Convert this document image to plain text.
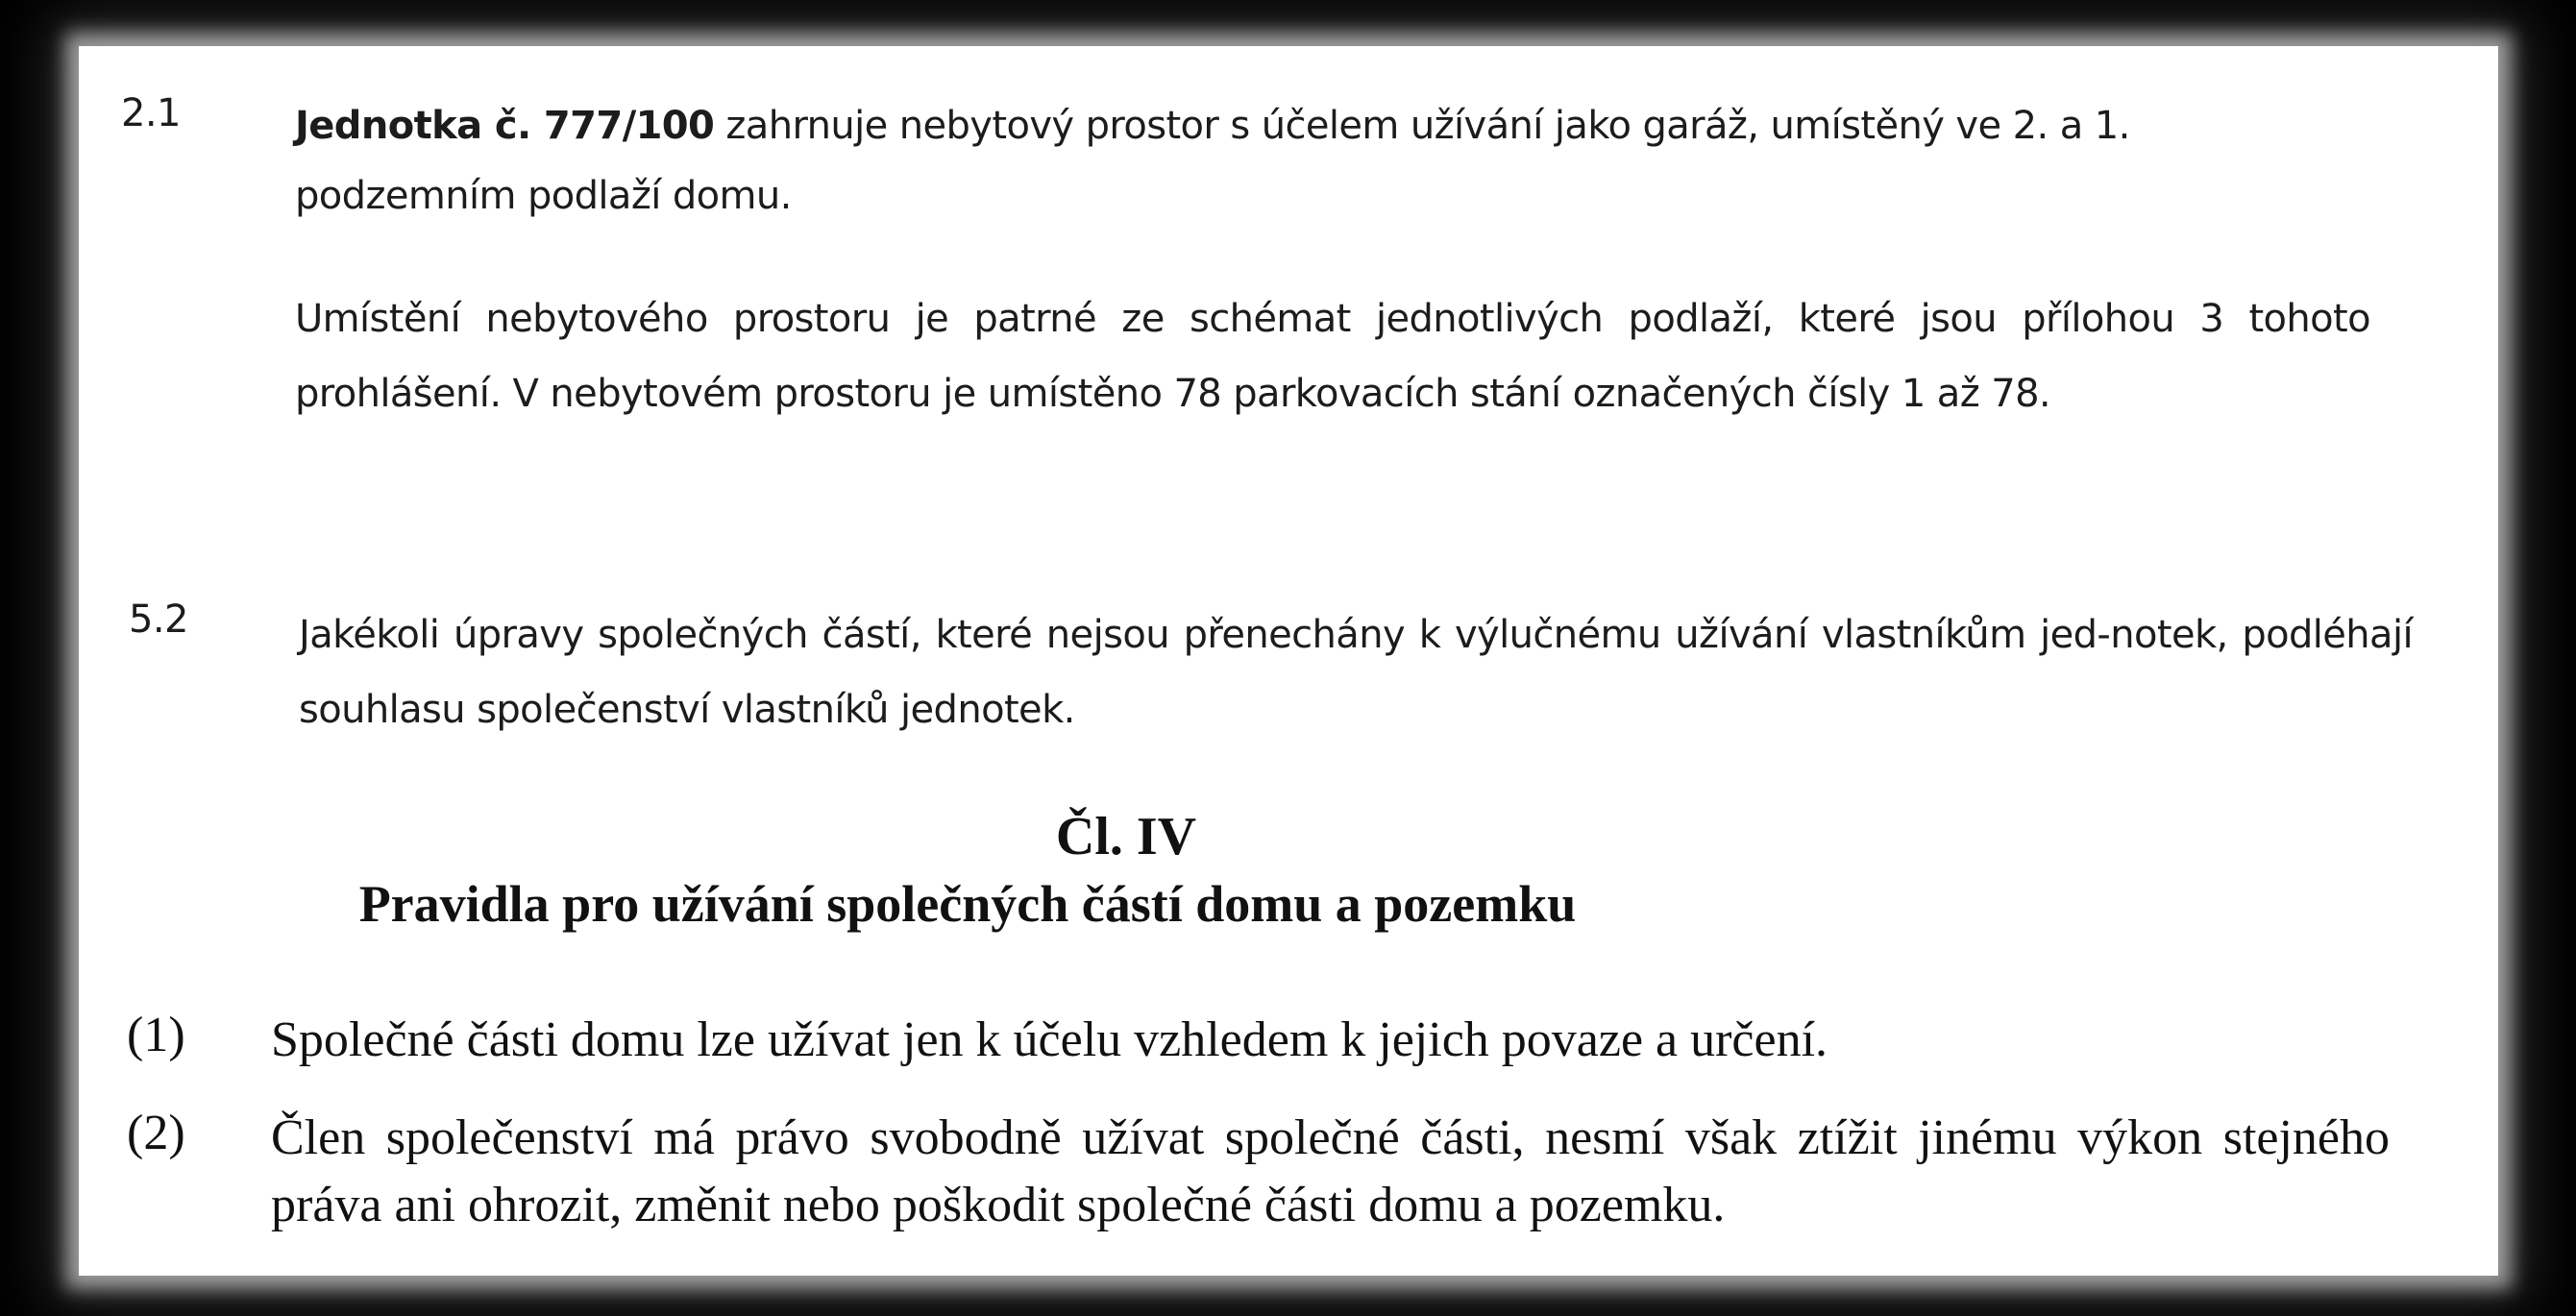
2.1	Jednotka č. 777/100 zahrnuje nebytový prostor s účelem užívání jako garáž, umístěný ve 2. a 1. podzemním podlaží domu.

Umístění nebytového prostoru je patrné ze schémat jednotlivých podlaží, které jsou přílohou 3 tohoto prohlášení. V nebytovém prostoru je umístěno 78 parkovacích stání označených čísly 1 až 78.

5.2	Jakékoli úpravy společných částí, které nejsou přenechány k výlučnému užívání vlastníkům jed-notek, podléhají souhlasu společenství vlastníků jednotek.

Čl. IV
Pravidla pro užívání společných částí domu a pozemku
(1) Společné části domu lze užívat jen k účelu vzhledem k jejich povaze a určení.

(2) Člen společenství má právo svobodně užívat společné části, nesmí však ztížit jinému výkon stejného práva ani ohrozit, změnit nebo poškodit společné části domu a pozemku.
